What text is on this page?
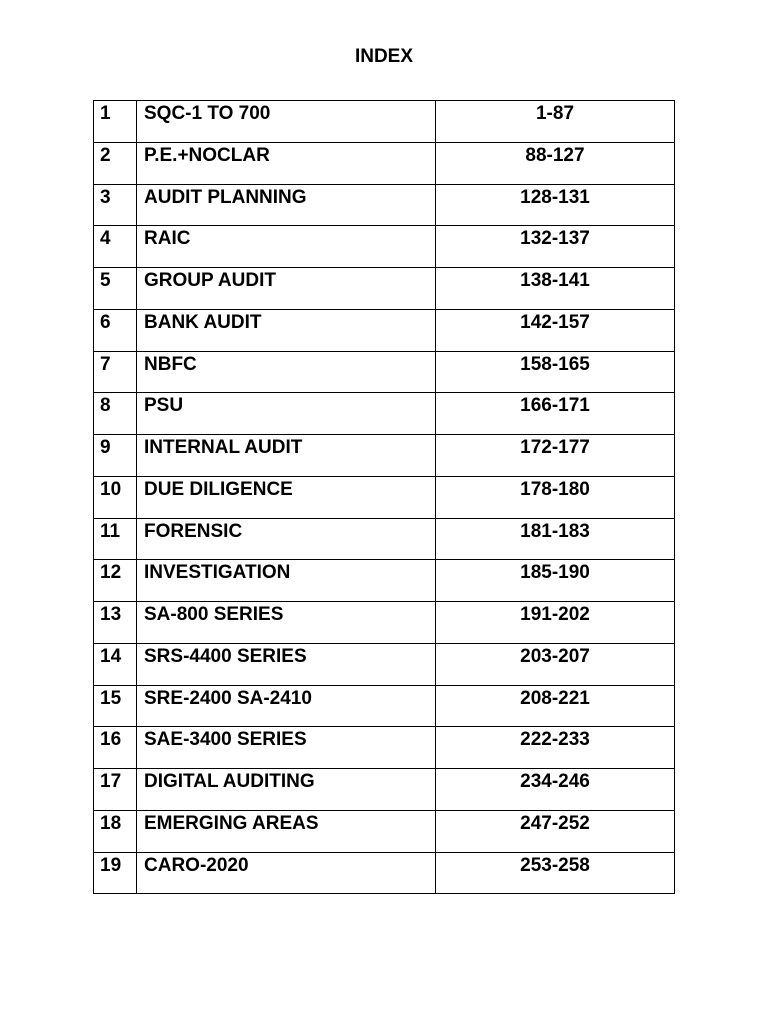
INDEX
1	SQC-1 TO 700	1-87
2	P.E.+NOCLAR	88-127
3	AUDIT PLANNING	128-131
4	RAIC	132-137
5	GROUP AUDIT	138-141
6	BANK AUDIT	142-157
7	NBFC	158-165
8	PSU	166-171
9	INTERNAL AUDIT	172-177
10	DUE DILIGENCE	178-180
11	FORENSIC	181-183
12	INVESTIGATION	185-190
13	SA-800 SERIES	191-202
14	SRS-4400 SERIES	203-207
15	SRE-2400 SA-2410	208-221
16	SAE-3400 SERIES	222-233
17	DIGITAL AUDITING	234-246
18	EMERGING AREAS	247-252
19	CARO-2020	253-258
